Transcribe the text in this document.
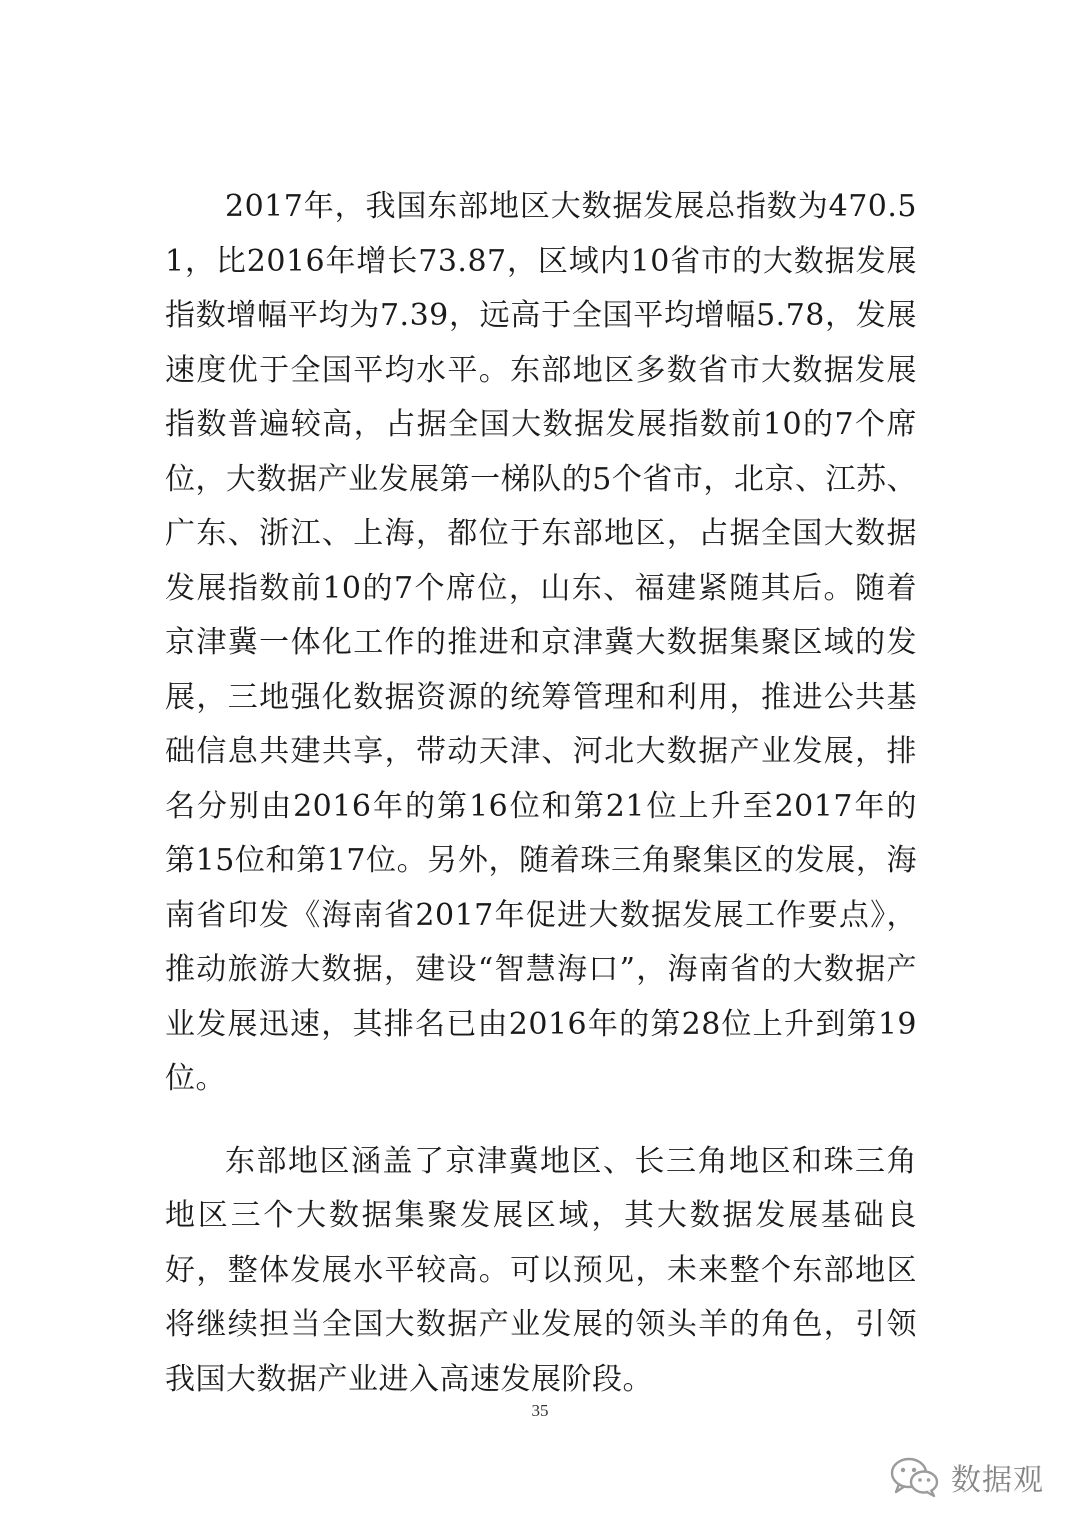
2017年，我国东部地区大数据发展总指数为470.51，比2016年增长73.87，区域内10省市的大数据发展指数增幅平均为7.39，远高于全国平均增幅5.78，发展速度优于全国平均水平。东部地区多数省市大数据发展指数普遍较高，占据全国大数据发展指数前10的7个席位，大数据产业发展第一梯队的5个省市，北京、江苏、广东、浙江、上海，都位于东部地区，占据全国大数据发展指数前10的7个席位，山东、福建紧随其后。随着京津冀一体化工作的推进和京津冀大数据集聚区域的发展，三地强化数据资源的统筹管理和利用，推进公共基础信息共建共享，带动天津、河北大数据产业发展，排名分别由2016年的第16位和第21位上升至2017年的第15位和第17位。另外，随着珠三角聚集区的发展，海南省印发《海南省2017年促进大数据发展工作要点》，推动旅游大数据，建设“智慧海口”，海南省的大数据产业发展迅速，其排名已由2016年的第28位上升到第19位。

东部地区涵盖了京津冀地区、长三角地区和珠三角地区三个大数据集聚发展区域，其大数据发展基础良好，整体发展水平较高。可以预见，未来整个东部地区将继续担当全国大数据产业发展的领头羊的角色，引领我国大数据产业进入高速发展阶段。

35
数据观
